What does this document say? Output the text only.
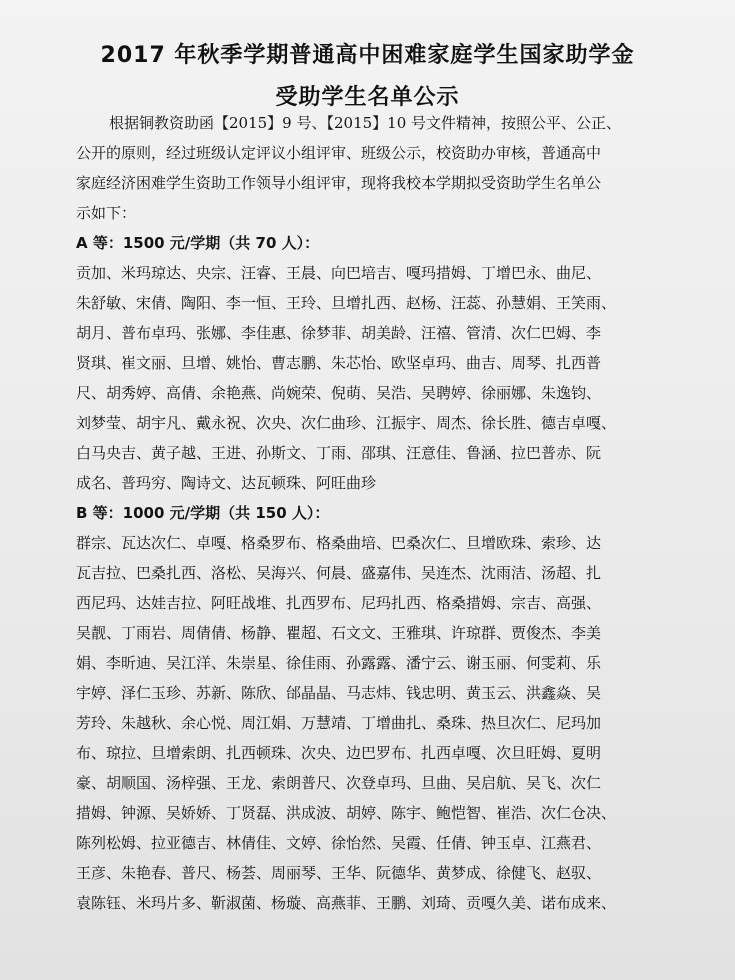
2017 年秋季学期普通高中困难家庭学生国家助学金
受助学生名单公示
根据铜教资助函【2015】9 号、【2015】10 号文件精神，按照公平、公正、
公开的原则，经过班级认定评议小组评审、班级公示，校资助办审核，普通高中
家庭经济困难学生资助工作领导小组评审，现将我校本学期拟受资助学生名单公
示如下：
A 等：1500 元/学期（共 70 人）：
贡加、米玛琼达、央宗、汪睿、王晨、向巴培吉、嘎玛措姆、丁增巴永、曲尼、
朱舒敏、宋倩、陶阳、李一恒、王玲、旦增扎西、赵杨、汪蕊、孙慧娟、王笑雨、
胡月、普布卓玛、张娜、李佳惠、徐梦菲、胡美龄、汪禧、管清、次仁巴姆、李
贤琪、崔文丽、旦增、姚怡、曹志鹏、朱芯怡、欧坚卓玛、曲吉、周琴、扎西普
尺、胡秀婷、高倩、余艳燕、尚婉荣、倪萌、吴浩、吴聘婷、徐丽娜、朱逸钧、
刘梦莹、胡宇凡、戴永祝、次央、次仁曲珍、江振宇、周杰、徐长胜、德吉卓嘎、
白马央吉、黄子越、王进、孙斯文、丁雨、邵琪、汪意佳、鲁涵、拉巴普赤、阮
成名、普玛穷、陶诗文、达瓦顿珠、阿旺曲珍
B 等：1000 元/学期（共 150 人）：
群宗、瓦达次仁、卓嘎、格桑罗布、格桑曲培、巴桑次仁、旦增欧珠、索珍、达
瓦吉拉、巴桑扎西、洛松、吴海兴、何晨、盛嘉伟、吴连杰、沈雨洁、汤超、扎
西尼玛、达娃吉拉、阿旺战堆、扎西罗布、尼玛扎西、格桑措姆、宗吉、高强、
吴靓、丁雨岩、周倩倩、杨静、瞿超、石文文、王雅琪、许琼群、贾俊杰、李美
娟、李昕迪、吴江洋、朱崇星、徐佳雨、孙露露、潘宁云、谢玉丽、何雯莉、乐
宇婷、泽仁玉珍、苏新、陈欣、邰晶晶、马志炜、钱忠明、黄玉云、洪鑫焱、吴
芳玲、朱越秋、余心悦、周江娟、万慧靖、丁增曲扎、桑珠、热旦次仁、尼玛加
布、琼拉、旦增索朗、扎西顿珠、次央、边巴罗布、扎西卓嘎、次旦旺姆、夏明
豪、胡顺国、汤梓强、王龙、索朗普尺、次登卓玛、旦曲、吴启航、吴飞、次仁
措姆、钟源、吴娇娇、丁贤磊、洪成波、胡婷、陈宇、鲍恺智、崔浩、次仁仓决、
陈列松姆、拉亚德吉、林倩佳、文婷、徐怡然、吴霞、任倩、钟玉卓、江燕君、
王彦、朱艳春、普尺、杨荟、周丽琴、王华、阮德华、黄梦成、徐健飞、赵驭、
袁陈钰、米玛片多、靳淑菌、杨璇、高燕菲、王鹏、刘琦、贡嘎久美、诺布成来、
